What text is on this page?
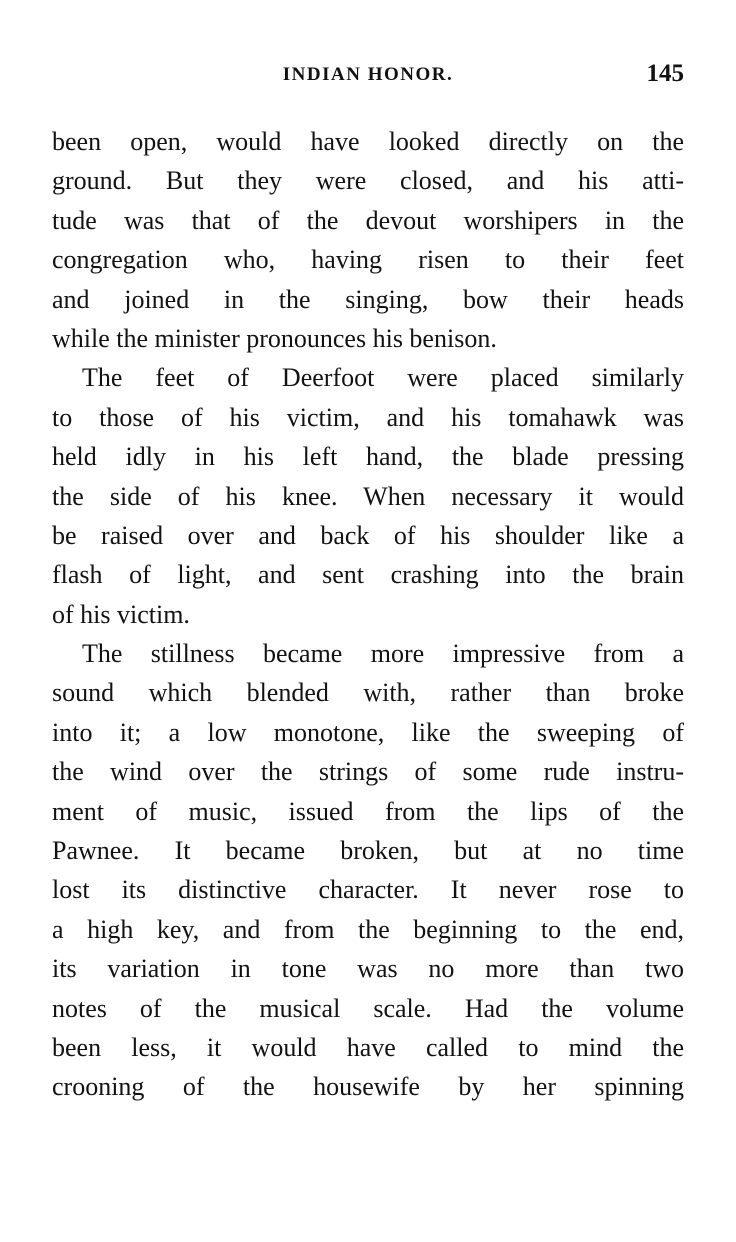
INDIAN HONOR.	145
been open, would have looked directly on the
ground. But they were closed, and his atti-
tude was that of the devout worshipers in the
congregation who, having risen to their feet
and joined in the singing, bow their heads
while the minister pronounces his benison.
The feet of Deerfoot were placed similarly
to those of his victim, and his tomahawk was
held idly in his left hand, the blade pressing
the side of his knee. When necessary it would
be raised over and back of his shoulder like a
flash of light, and sent crashing into the brain
of his victim.
The stillness became more impressive from a
sound which blended with, rather than broke
into it; a low monotone, like the sweeping of
the wind over the strings of some rude instru-
ment of music, issued from the lips of the
Pawnee. It became broken, but at no time
lost its distinctive character. It never rose to
a high key, and from the beginning to the end,
its variation in tone was no more than two
notes of the musical scale. Had the volume
been less, it would have called to mind the
crooning of the housewife by her spinning
